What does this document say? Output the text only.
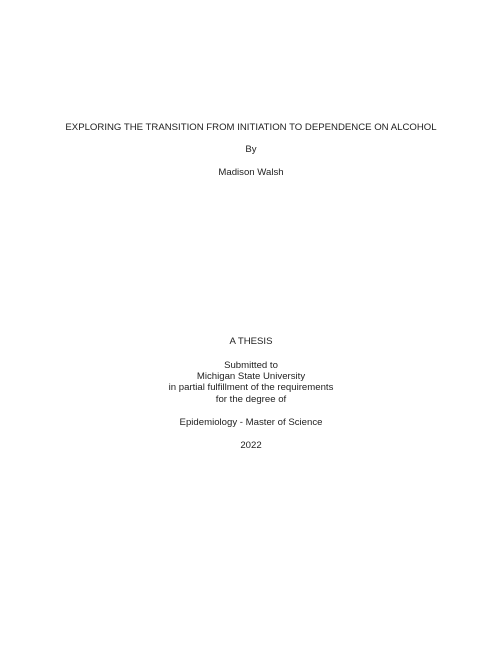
EXPLORING THE TRANSITION FROM INITIATION TO DEPENDENCE ON ALCOHOL
By
Madison Walsh
A THESIS
Submitted to
Michigan State University
in partial fulfillment of the requirements
for the degree of
Epidemiology - Master of Science
2022
